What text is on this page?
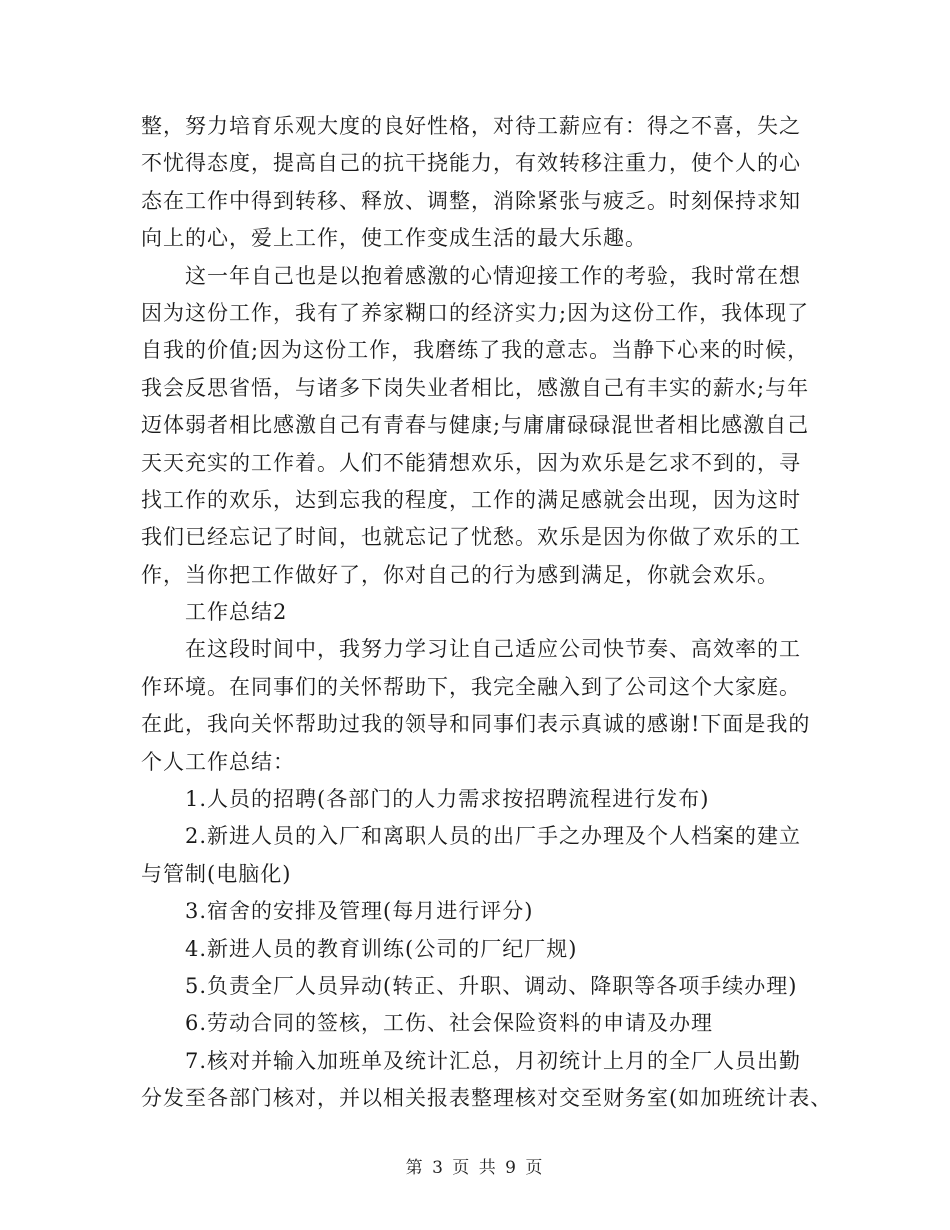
整，努力培育乐观大度的良好性格，对待工薪应有：得之不喜，失之
不忧得态度，提高自己的抗干挠能力，有效转移注重力，使个人的心
态在工作中得到转移、释放、调整，消除紧张与疲乏。时刻保持求知
向上的心，爱上工作，使工作变成生活的最大乐趣。
这一年自己也是以抱着感激的心情迎接工作的考验，我时常在想
因为这份工作，我有了养家糊口的经济实力;因为这份工作，我体现了
自我的价值;因为这份工作，我磨练了我的意志。当静下心来的时候，
我会反思省悟，与诸多下岗失业者相比，感激自己有丰实的薪水;与年
迈体弱者相比感激自己有青春与健康;与庸庸碌碌混世者相比感激自己
天天充实的工作着。人们不能猜想欢乐，因为欢乐是乞求不到的，寻
找工作的欢乐，达到忘我的程度，工作的满足感就会出现，因为这时
我们已经忘记了时间，也就忘记了忧愁。欢乐是因为你做了欢乐的工
作，当你把工作做好了，你对自己的行为感到满足，你就会欢乐。
工作总结2
在这段时间中，我努力学习让自己适应公司快节奏、高效率的工
作环境。在同事们的关怀帮助下，我完全融入到了公司这个大家庭。
在此，我向关怀帮助过我的领导和同事们表示真诚的感谢!下面是我的
个人工作总结：
1.人员的招聘(各部门的人力需求按招聘流程进行发布)
2.新进人员的入厂和离职人员的出厂手之办理及个人档案的建立
与管制(电脑化)
3.宿舍的安排及管理(每月进行评分)
4.新进人员的教育训练(公司的厂纪厂规)
5.负责全厂人员异动(转正、升职、调动、降职等各项手续办理)
6.劳动合同的签核，工伤、社会保险资料的申请及办理
7.核对并输入加班单及统计汇总，月初统计上月的全厂人员出勤
分发至各部门核对，并以相关报表整理核对交至财务室(如加班统计表、
第 3 页 共 9 页
